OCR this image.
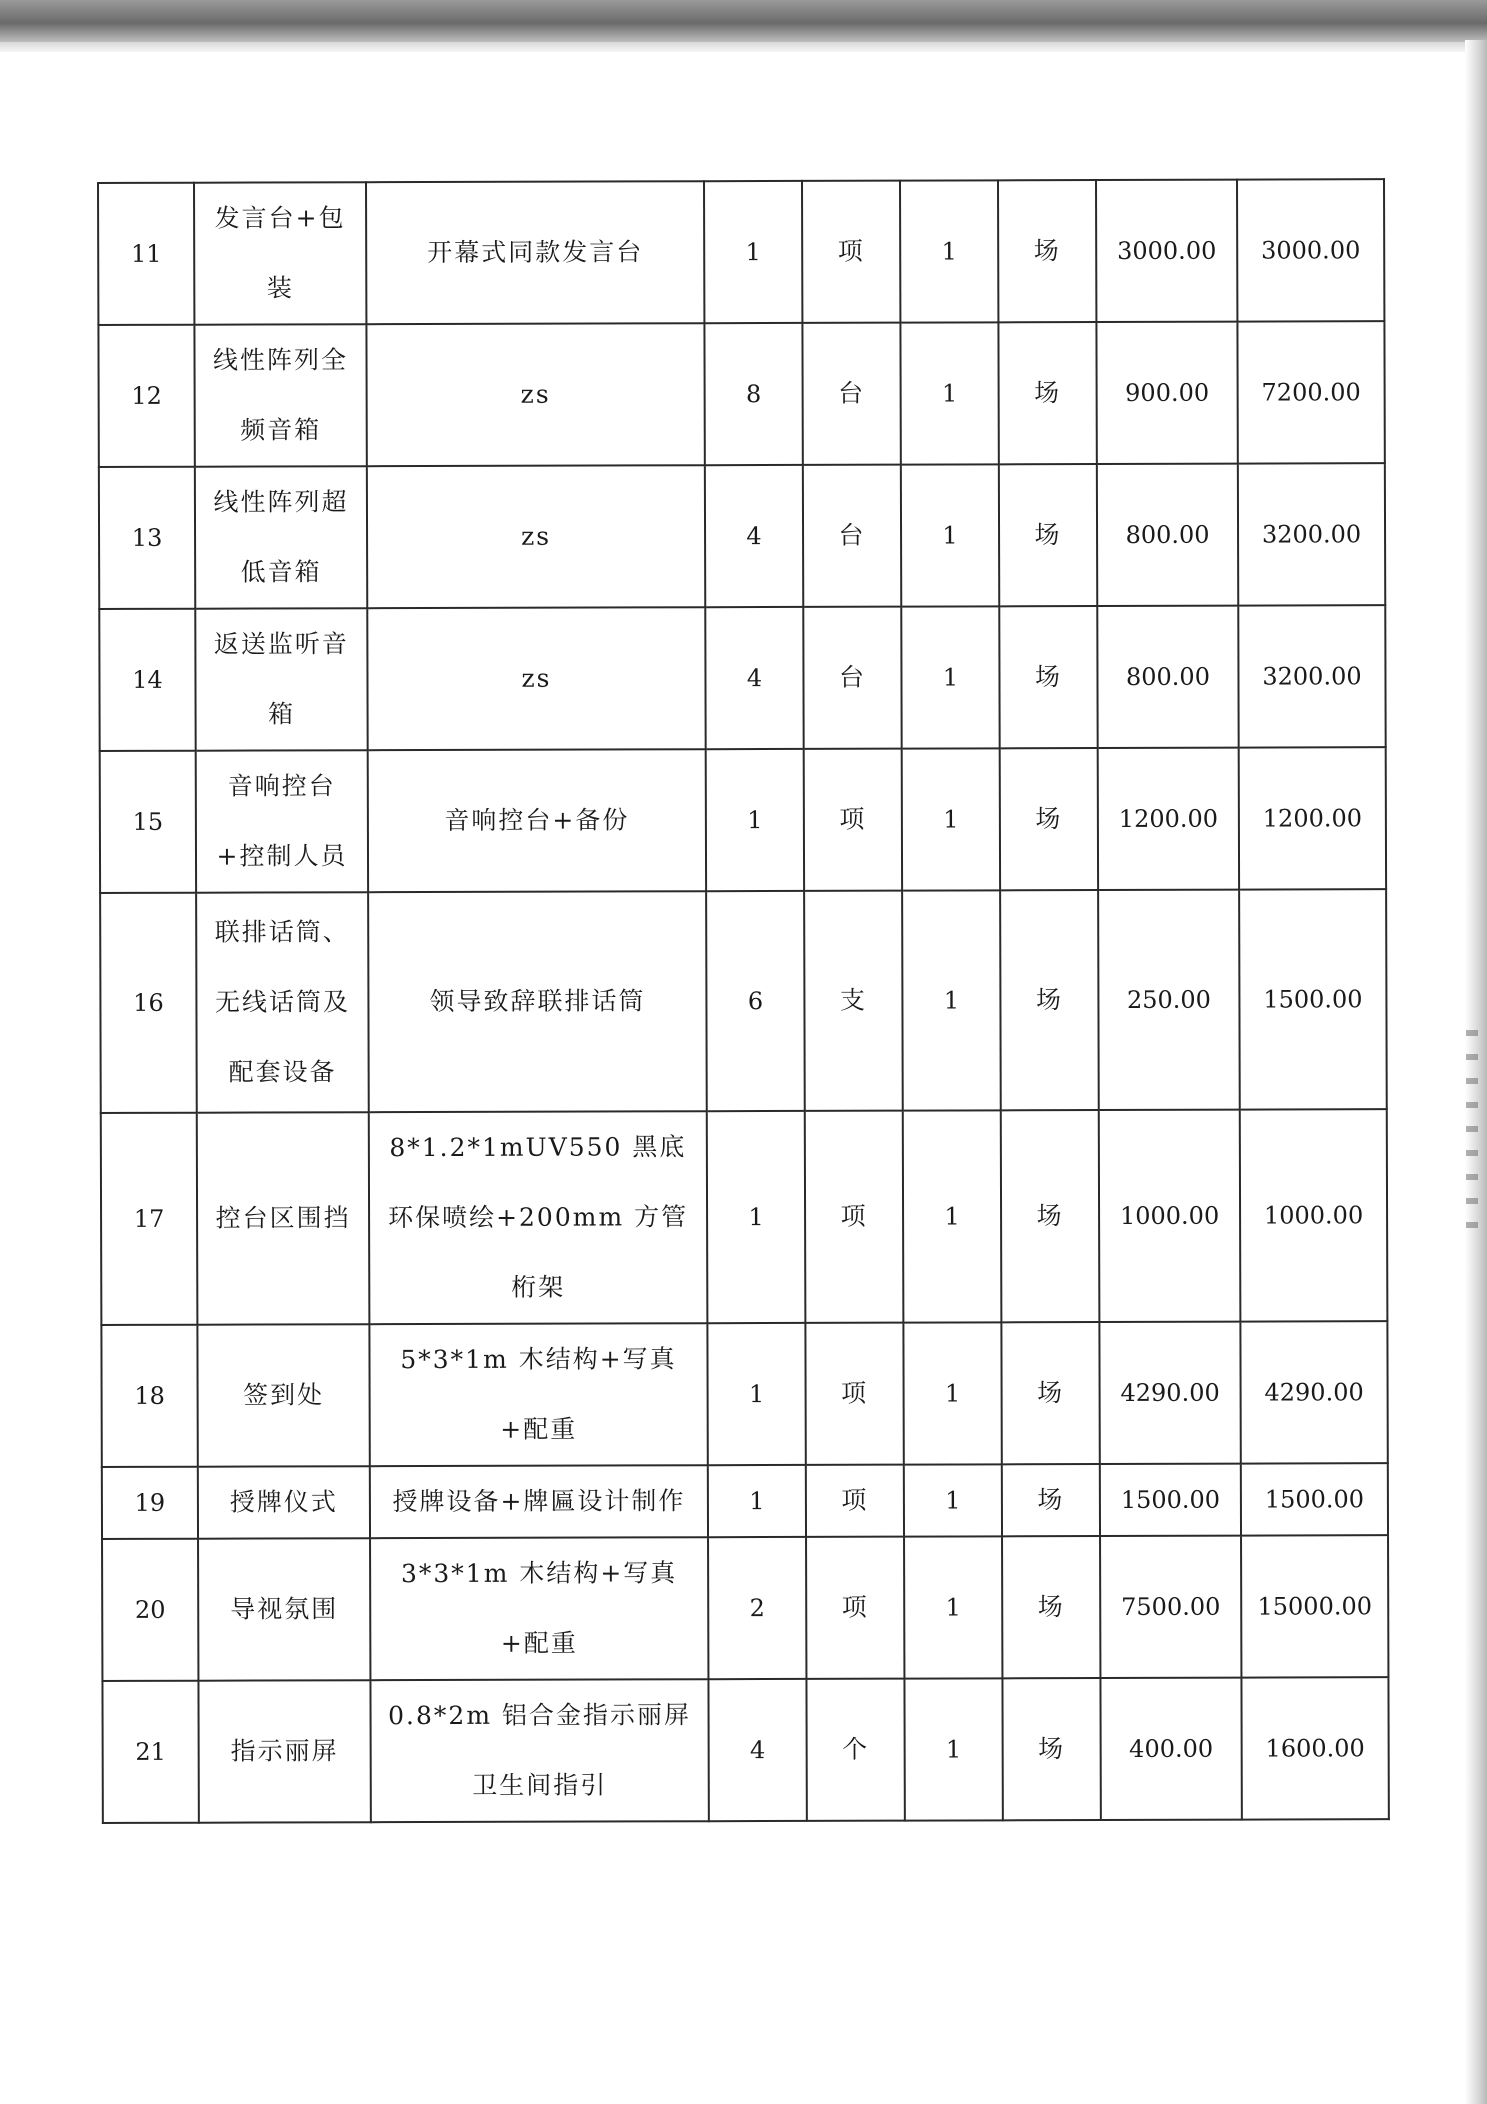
11	发言台+包装	开幕式同款发言台	1	项	1	场	3000.00	3000.00
12	线性阵列全频音箱	zs	8	台	1	场	900.00	7200.00
13	线性阵列超低音箱	zs	4	台	1	场	800.00	3200.00
14	返送监听音箱	zs	4	台	1	场	800.00	3200.00
15	音响控台+控制人员	音响控台+备份	1	项	1	场	1200.00	1200.00
16	联排话筒、无线话筒及配套设备	领导致辞联排话筒	6	支	1	场	250.00	1500.00
17	控台区围挡	8*1.2*1mUV550 黑底环保喷绘+200mm 方管桁架	1	项	1	场	1000.00	1000.00
18	签到处	5*3*1m 木结构+写真+配重	1	项	1	场	4290.00	4290.00
19	授牌仪式	授牌设备+牌匾设计制作	1	项	1	场	1500.00	1500.00
20	导视氛围	3*3*1m 木结构+写真+配重	2	项	1	场	7500.00	15000.00
21	指示丽屏	0.8*2m 铝合金指示丽屏卫生间指引	4	个	1	场	400.00	1600.00
